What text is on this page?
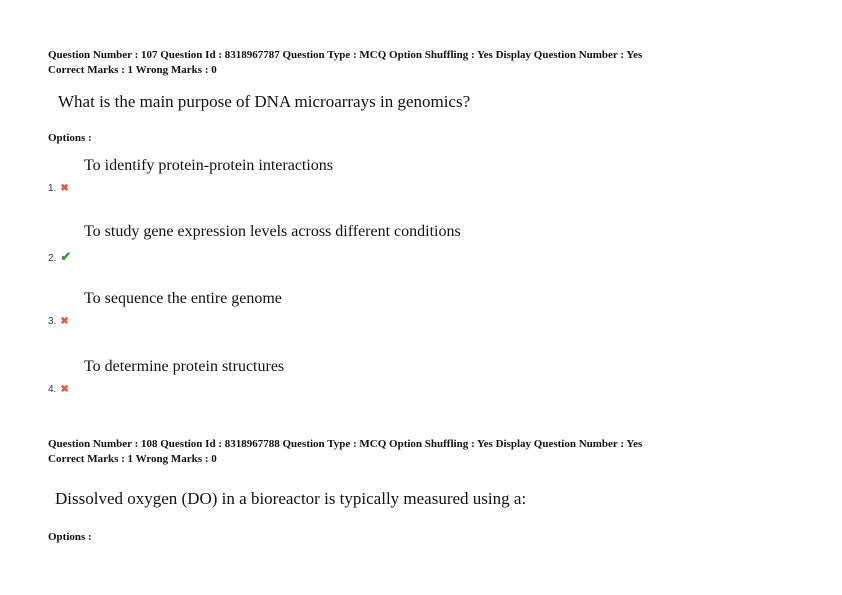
Question Number : 107 Question Id : 8318967787 Question Type : MCQ Option Shuffling : Yes Display Question Number : Yes
Correct Marks : 1 Wrong Marks : 0
What is the main purpose of DNA microarrays in genomics?
Options :
To identify protein-protein interactions
1. ✖
To study gene expression levels across different conditions
2. ✔
To sequence the entire genome
3. ✖
To determine protein structures
4. ✖
Question Number : 108 Question Id : 8318967788 Question Type : MCQ Option Shuffling : Yes Display Question Number : Yes
Correct Marks : 1 Wrong Marks : 0
Dissolved oxygen (DO) in a bioreactor is typically measured using a:
Options :
